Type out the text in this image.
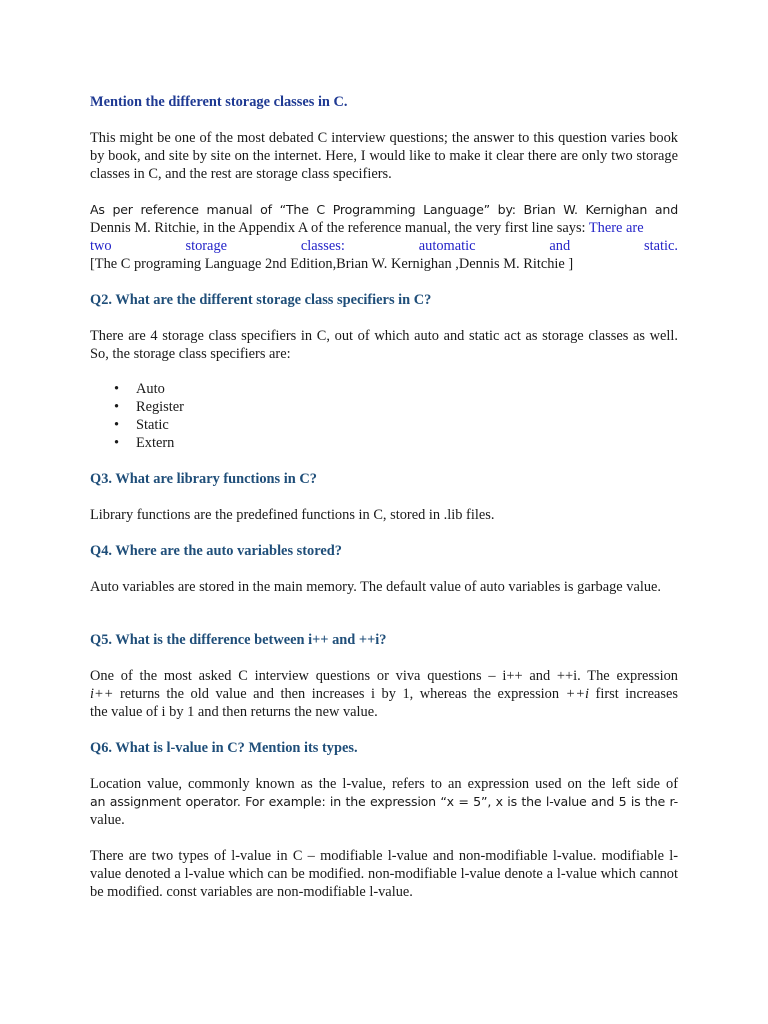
Mention the different storage classes in C.

This might be one of the most debated C interview questions; the answer to this question varies book by book, and site by site on the internet. Here, I would like to make it clear there are only two storage classes in C, and the rest are storage class specifiers.

As per reference manual of “The C Programming Language” by: Brian W. Kernighan and
Dennis M. Ritchie, in the Appendix A of the reference manual, the very first line says: There are
two storage classes: automatic and static.
[The C programing Language 2nd Edition,Brian W. Kernighan ,Dennis M. Ritchie ]

Q2. What are the different storage class specifiers in C?

There are 4 storage class specifiers in C, out of which auto and static act as storage classes as well. So, the storage class specifiers are:

• Auto
• Register
• Static
• Extern

Q3. What are library functions in C?

Library functions are the predefined functions in C, stored in .lib files.

Q4. Where are the auto variables stored?

Auto variables are stored in the main memory. The default value of auto variables is garbage value.

Q5. What is the difference between i++ and ++i?

One of the most asked C interview questions or viva questions – i++ and ++i. The expression
i++ returns the old value and then increases i by 1, whereas the expression ++i first increases
the value of i by 1 and then returns the new value.

Q6. What is l-value in C? Mention its types.

Location value, commonly known as the l-value, refers to an expression used on the left side of
an assignment operator. For example: in the expression “x = 5”, x is the l-value and 5 is the r-
value.

There are two types of l-value in C – modifiable l-value and non-modifiable l-value. modifiable l-value denoted a l-value which can be modified. non-modifiable l-value denote a l-value which cannot be modified. const variables are non-modifiable l-value.
